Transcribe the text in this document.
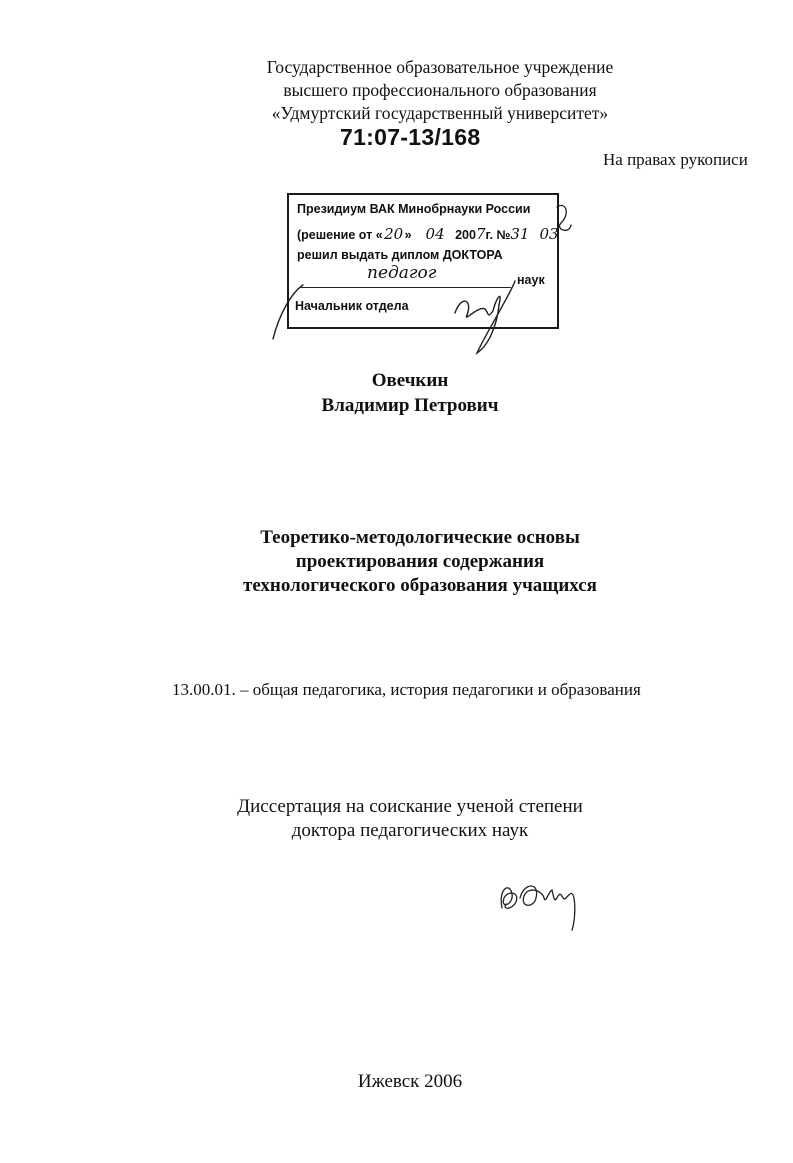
Государственное образовательное учреждение
высшего профессионального образования
«Удмуртский государственный университет»
71:07-13/168
На правах рукописи
Президиум ВАК Минобрнауки России
(решение от «20» 04 2007г. №31 03
решил выдать диплом ДОКТОРА
педагог	наук
Начальник отдела
Овечкин
Владимир Петрович
Теоретико-методологические основы
проектирования содержания
технологического образования учащихся
13.00.01. – общая педагогика, история педагогики и образования
Диссертация на соискание ученой степени
доктора педагогических наук
Ижевск 2006
